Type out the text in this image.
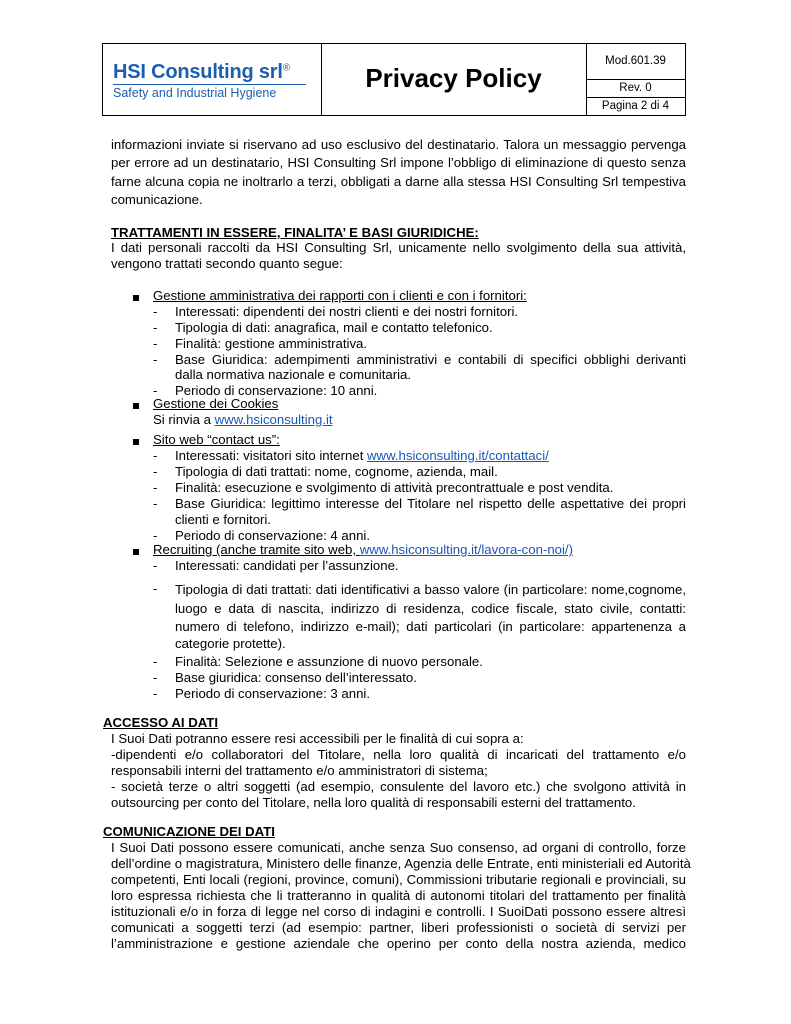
HSI Consulting srl®
Safety and Industrial Hygiene	Privacy Policy
Mod.601.39
Rev. 0
Pagina 2 di 4
informazioni inviate si riservano ad uso esclusivo del destinatario. Talora un messaggio pervenga
per errore ad un destinatario, HSI Consulting Srl impone l’obbligo di eliminazione di questo senza
farne alcuna copia ne inoltrarlo a terzi, obbligati a darne alla stessa HSI Consulting Srl tempestiva
comunicazione.
TRATTAMENTI IN ESSERE, FINALITA’ E BASI GIURIDICHE:
I dati personali raccolti da HSI Consulting Srl, unicamente nello svolgimento della sua attività,
vengono trattati secondo quanto segue:
Gestione amministrativa dei rapporti con i clienti e con i fornitori:
- Interessati: dipendenti dei nostri clienti e dei nostri fornitori.
- Tipologia di dati: anagrafica, mail e contatto telefonico.
- Finalità: gestione amministrativa.
- Base Giuridica: adempimenti amministrativi e contabili di specifici obblighi derivanti
dalla normativa nazionale e comunitaria.
- Periodo di conservazione: 10 anni.
Gestione dei Cookies
Si rinvia a www.hsiconsulting.it
Sito web “contact us”:
- Interessati: visitatori sito internet www.hsiconsulting.it/contattaci/
- Tipologia di dati trattati: nome, cognome, azienda, mail.
- Finalità: esecuzione e svolgimento di attività precontrattuale e post vendita.
- Base Giuridica: legittimo interesse del Titolare nel rispetto delle aspettative dei propri
clienti e fornitori.
- Periodo di conservazione: 4 anni.
Recruiting (anche tramite sito web, www.hsiconsulting.it/lavora-con-noi/)
- Interessati: candidati per l’assunzione.
- Tipologia di dati trattati: dati identificativi a basso valore (in particolare: nome,cognome,
luogo e data di nascita, indirizzo di residenza, codice fiscale, stato civile, contatti:
numero di telefono, indirizzo e-mail); dati particolari (in particolare: appartenenza a
categorie protette).
- Finalità: Selezione e assunzione di nuovo personale.
- Base giuridica: consenso dell’interessato.
- Periodo di conservazione: 3 anni.
ACCESSO AI DATI
I Suoi Dati potranno essere resi accessibili per le finalità di cui sopra a:
-dipendenti e/o collaboratori del Titolare, nella loro qualità di incaricati del trattamento e/o
responsabili interni del trattamento e/o amministratori di sistema;
- società terze o altri soggetti (ad esempio, consulente del lavoro etc.) che svolgono attività in
outsourcing per conto del Titolare, nella loro qualità di responsabili esterni del trattamento.
COMUNICAZIONE DEI DATI
I Suoi Dati possono essere comunicati, anche senza Suo consenso, ad organi di controllo, forze
dell’ordine o magistratura, Ministero delle finanze, Agenzia delle Entrate, enti ministeriali ed Autorità
competenti, Enti locali (regioni, province, comuni), Commissioni tributarie regionali e provinciali, su
loro espressa richiesta che li tratteranno in qualità di autonomi titolari del trattamento per finalità
istituzionali e/o in forza di legge nel corso di indagini e controlli. I SuoiDati possono essere altresì
comunicati a soggetti terzi (ad esempio: partner, liberi professionisti o società di servizi per
l’amministrazione e gestione aziendale che operino per conto della nostra azienda, medico
